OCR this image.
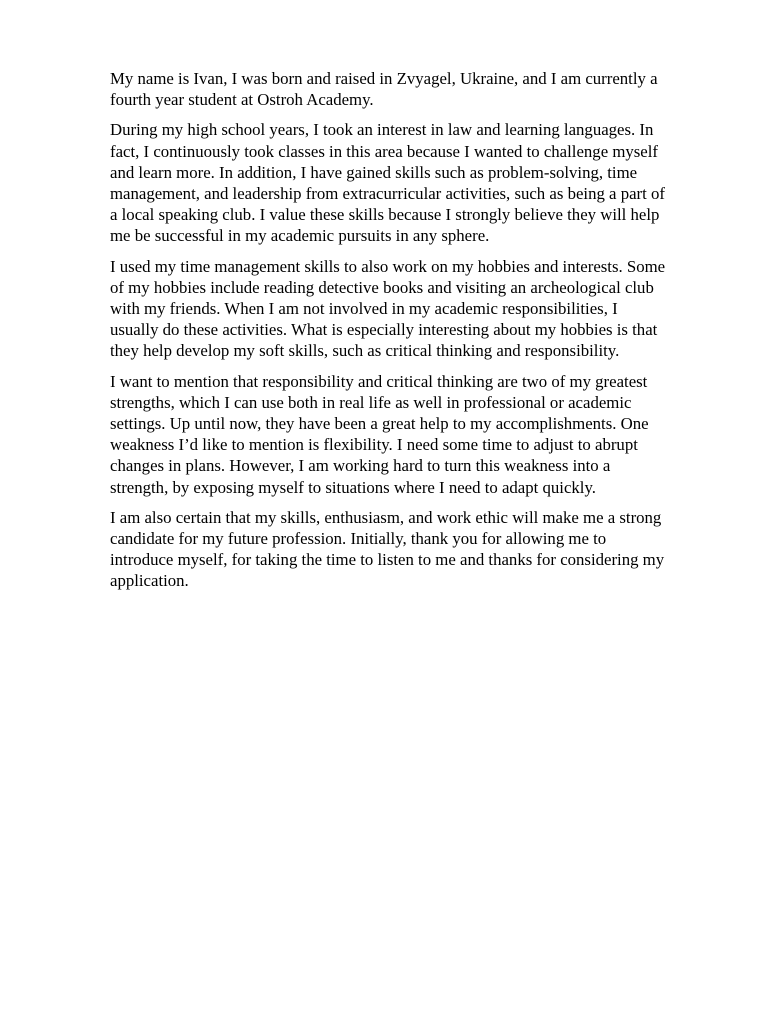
My name is Ivan, I was born and raised in Zvyagel, Ukraine, and I am currently a
fourth year student at Ostroh Academy.

During my high school years, I took an interest in law and learning languages. In
fact, I continuously took classes in this area because I wanted to challenge myself
and learn more. In addition, I have gained skills such as problem-solving, time
management, and leadership from extracurricular activities, such as being a part of
a local speaking club. I value these skills because I strongly believe they will help
me be successful in my academic pursuits in any sphere.

I used my time management skills to also work on my hobbies and interests. Some
of my hobbies include reading detective books and visiting an archeological club
with my friends. When I am not involved in my academic responsibilities, I
usually do these activities. What is especially interesting about my hobbies is that
they help develop my soft skills, such as critical thinking and responsibility.

I want to mention that responsibility and critical thinking are two of my greatest
strengths, which I can use both in real life as well in professional or academic
settings. Up until now, they have been a great help to my accomplishments. One
weakness I’d like to mention is flexibility. I need some time to adjust to abrupt
changes in plans. However, I am working hard to turn this weakness into a
strength, by exposing myself to situations where I need to adapt quickly.

I am also certain that my skills, enthusiasm, and work ethic will make me a strong
candidate for my future profession. Initially, thank you for allowing me to
introduce myself, for taking the time to listen to me and thanks for considering my
application.
